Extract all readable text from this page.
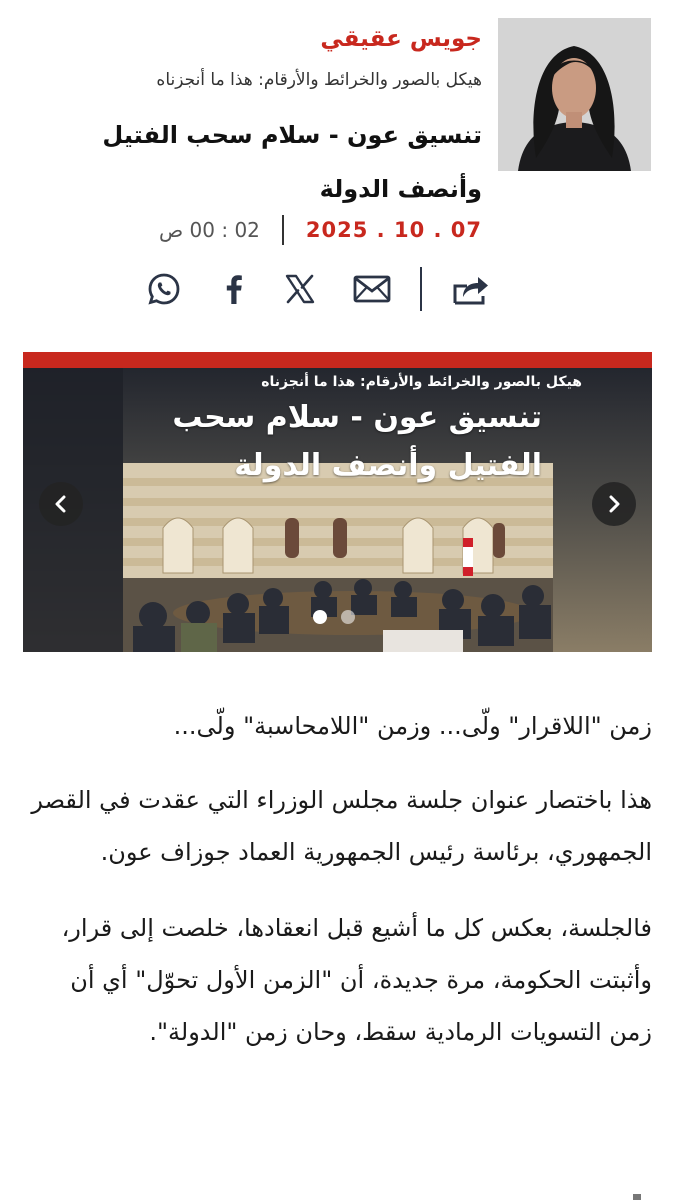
جويس عقيقي
هيكل بالصور والخرائط والأرقام: هذا ما أنجزناه
تنسيق عون - سلام سحب الفتيل وأنصف الدولة
2025 . 10 . 07
02 : 00 ص
هيكل بالصور والخرائط والأرقام: هذا ما أنجزناه
تنسيق عون - سلام سحب الفتيل وأنصف الدولة

زمن "اللاقرار" ولّى... وزمن "اللامحاسبة" ولّى...

هذا باختصار عنوان جلسة مجلس الوزراء التي عقدت في القصر الجمهوري، برئاسة رئيس الجمهورية العماد جوزاف عون.

فالجلسة، بعكس كل ما أشيع قبل انعقادها، خلصت إلى قرار، وأثبتت الحكومة، مرة جديدة، أن "الزمن الأول تحوّل" أي أن زمن التسويات الرمادية سقط، وحان زمن "الدولة".
